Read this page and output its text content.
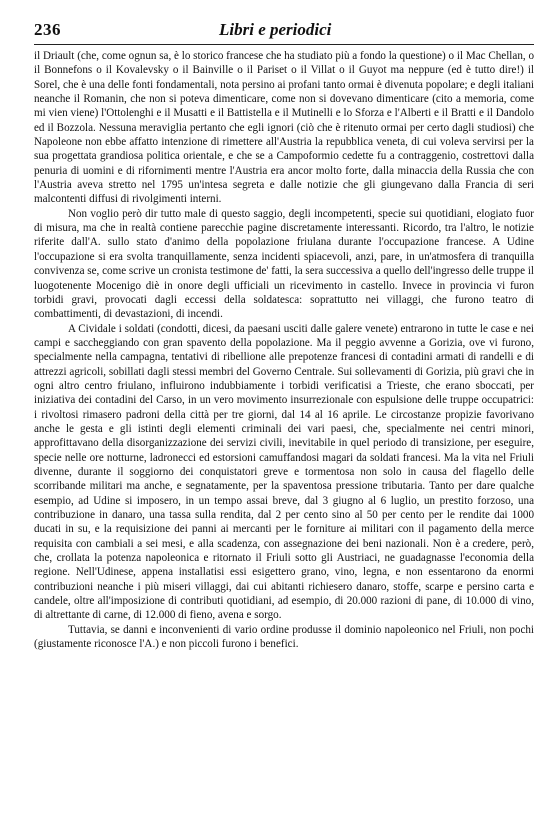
236	Libri e periodici

il Driault (che, come ognun sa, è lo storico francese che ha studiato più a fondo la questione) o il Mac Chellan, o il Bonnefons o il Kovalevsky o il Bainville o il Pariset o il Villat o il Guyot ma neppure (ed è tutto dire!) il Sorel, che è una delle fonti fondamentali, nota persino ai profani tanto ormai è divenuta popolare; e degli italiani neanche il Romanin, che non si poteva dimenticare, come non si dovevano dimenticare (cito a memoria, come mi vien viene) l'Ottolenghi e il Musatti e il Battistella e il Mutinelli e lo Sforza e l'Alberti e il Bratti e il Dandolo ed il Bozzola. Nessuna meraviglia pertanto che egli ignori (ciò che è ritenuto ormai per certo dagli studiosi) che Napoleone non ebbe affatto intenzione di rimettere all'Austria la repubblica veneta, di cui voleva servirsi per la sua progettata grandiosa politica orientale, e che se a Campoformio cedette fu a contraggenio, costrettovi dalla penuria di uomini e di rifornimenti mentre l'Austria era ancor molto forte, dalla minaccia della Russia che con l'Austria aveva stretto nel 1795 un'intesa segreta e dalle notizie che gli giungevano dalla Francia di seri malcontenti diffusi di rivolgimenti interni.

Non voglio però dir tutto male di questo saggio, degli incompetenti, specie sui quotidiani, elogiato fuor di misura, ma che in realtà contiene parecchie pagine discretamente interessanti. Ricordo, tra l'altro, le notizie riferite dall'A. sullo stato d'animo della popolazione friulana durante l'occupazione francese. A Udine l'occupazione si era svolta tranquillamente, senza incidenti spiacevoli, anzi, pare, in un'atmosfera di tranquilla convivenza se, come scrive un cronista testimone de' fatti, la sera successiva a quello dell'ingresso delle truppe il luogotenente Mocenigo diè in onore degli ufficiali un ricevimento in castello. Invece in provincia vi furon torbidi gravi, provocati dagli eccessi della soldatesca: soprattutto nei villaggi, che furono teatro di combattimenti, di devastazioni, di incendi.

A Cividale i soldati (condotti, dicesi, da paesani usciti dalle galere venete) entrarono in tutte le case e nei campi e saccheggiando con gran spavento della popolazione. Ma il peggio avvenne a Gorizia, ove vi furono, specialmente nella campagna, tentativi di ribellione alle prepotenze francesi di contadini armati di randelli e di attrezzi agricoli, sobillati dagli stessi membri del Governo Centrale. Sui sollevamenti di Gorizia, più gravi che in ogni altro centro friulano, influirono indubbiamente i torbidi verificatisi a Trieste, che erano sboccati, per iniziativa dei contadini del Carso, in un vero movimento insurrezionale con espulsione delle truppe occupatrici: i rivoltosi rimasero padroni della città per tre giorni, dal 14 al 16 aprile. Le circostanze propizie favorivano anche le gesta e gli istinti degli elementi criminali dei vari paesi, che, specialmente nei centri minori, approfittavano della disorganizzazione dei servizi civili, inevitabile in quel periodo di transizione, per eseguire, specie nelle ore notturne, ladronecci ed estorsioni camuffandosi magari da soldati francesi. Ma la vita nel Friuli divenne, durante il soggiorno dei conquistatori greve e tormentosa non solo in causa del flagello delle scorribande militari ma anche, e segnatamente, per la spaventosa pressione tributaria. Tanto per dare qualche esempio, ad Udine si imposero, in un tempo assai breve, dal 3 giugno al 6 luglio, un prestito forzoso, una contribuzione in danaro, una tassa sulla rendita, dal 2 per cento sino al 50 per cento per le rendite dai 1000 ducati in su, e la requisizione dei panni ai mercanti per le forniture ai militari con il pagamento della merce requisita con cambiali a sei mesi, e alla scadenza, con assegnazione dei beni nazionali. Non è a credere, però, che, crollata la potenza napoleonica e ritornato il Friuli sotto gli Austriaci, ne guadagnasse l'economia della regione. Nell'Udinese, appena installatisi essi esigettero grano, vino, legna, e non essentarono da enormi contribuzioni neanche i più miseri villaggi, dai cui abitanti richiesero danaro, stoffe, scarpe e persino carta e candele, oltre all'imposizione di contributi quotidiani, ad esempio, di 20.000 razioni di pane, di 10.000 di vino, di altrettante di carne, di 12.000 di fieno, avena e sorgo.

Tuttavia, se danni e inconvenienti di vario ordine produsse il dominio napoleonico nel Friuli, non pochi (giustamente riconosce l'A.) e non piccoli furono i benefici.
